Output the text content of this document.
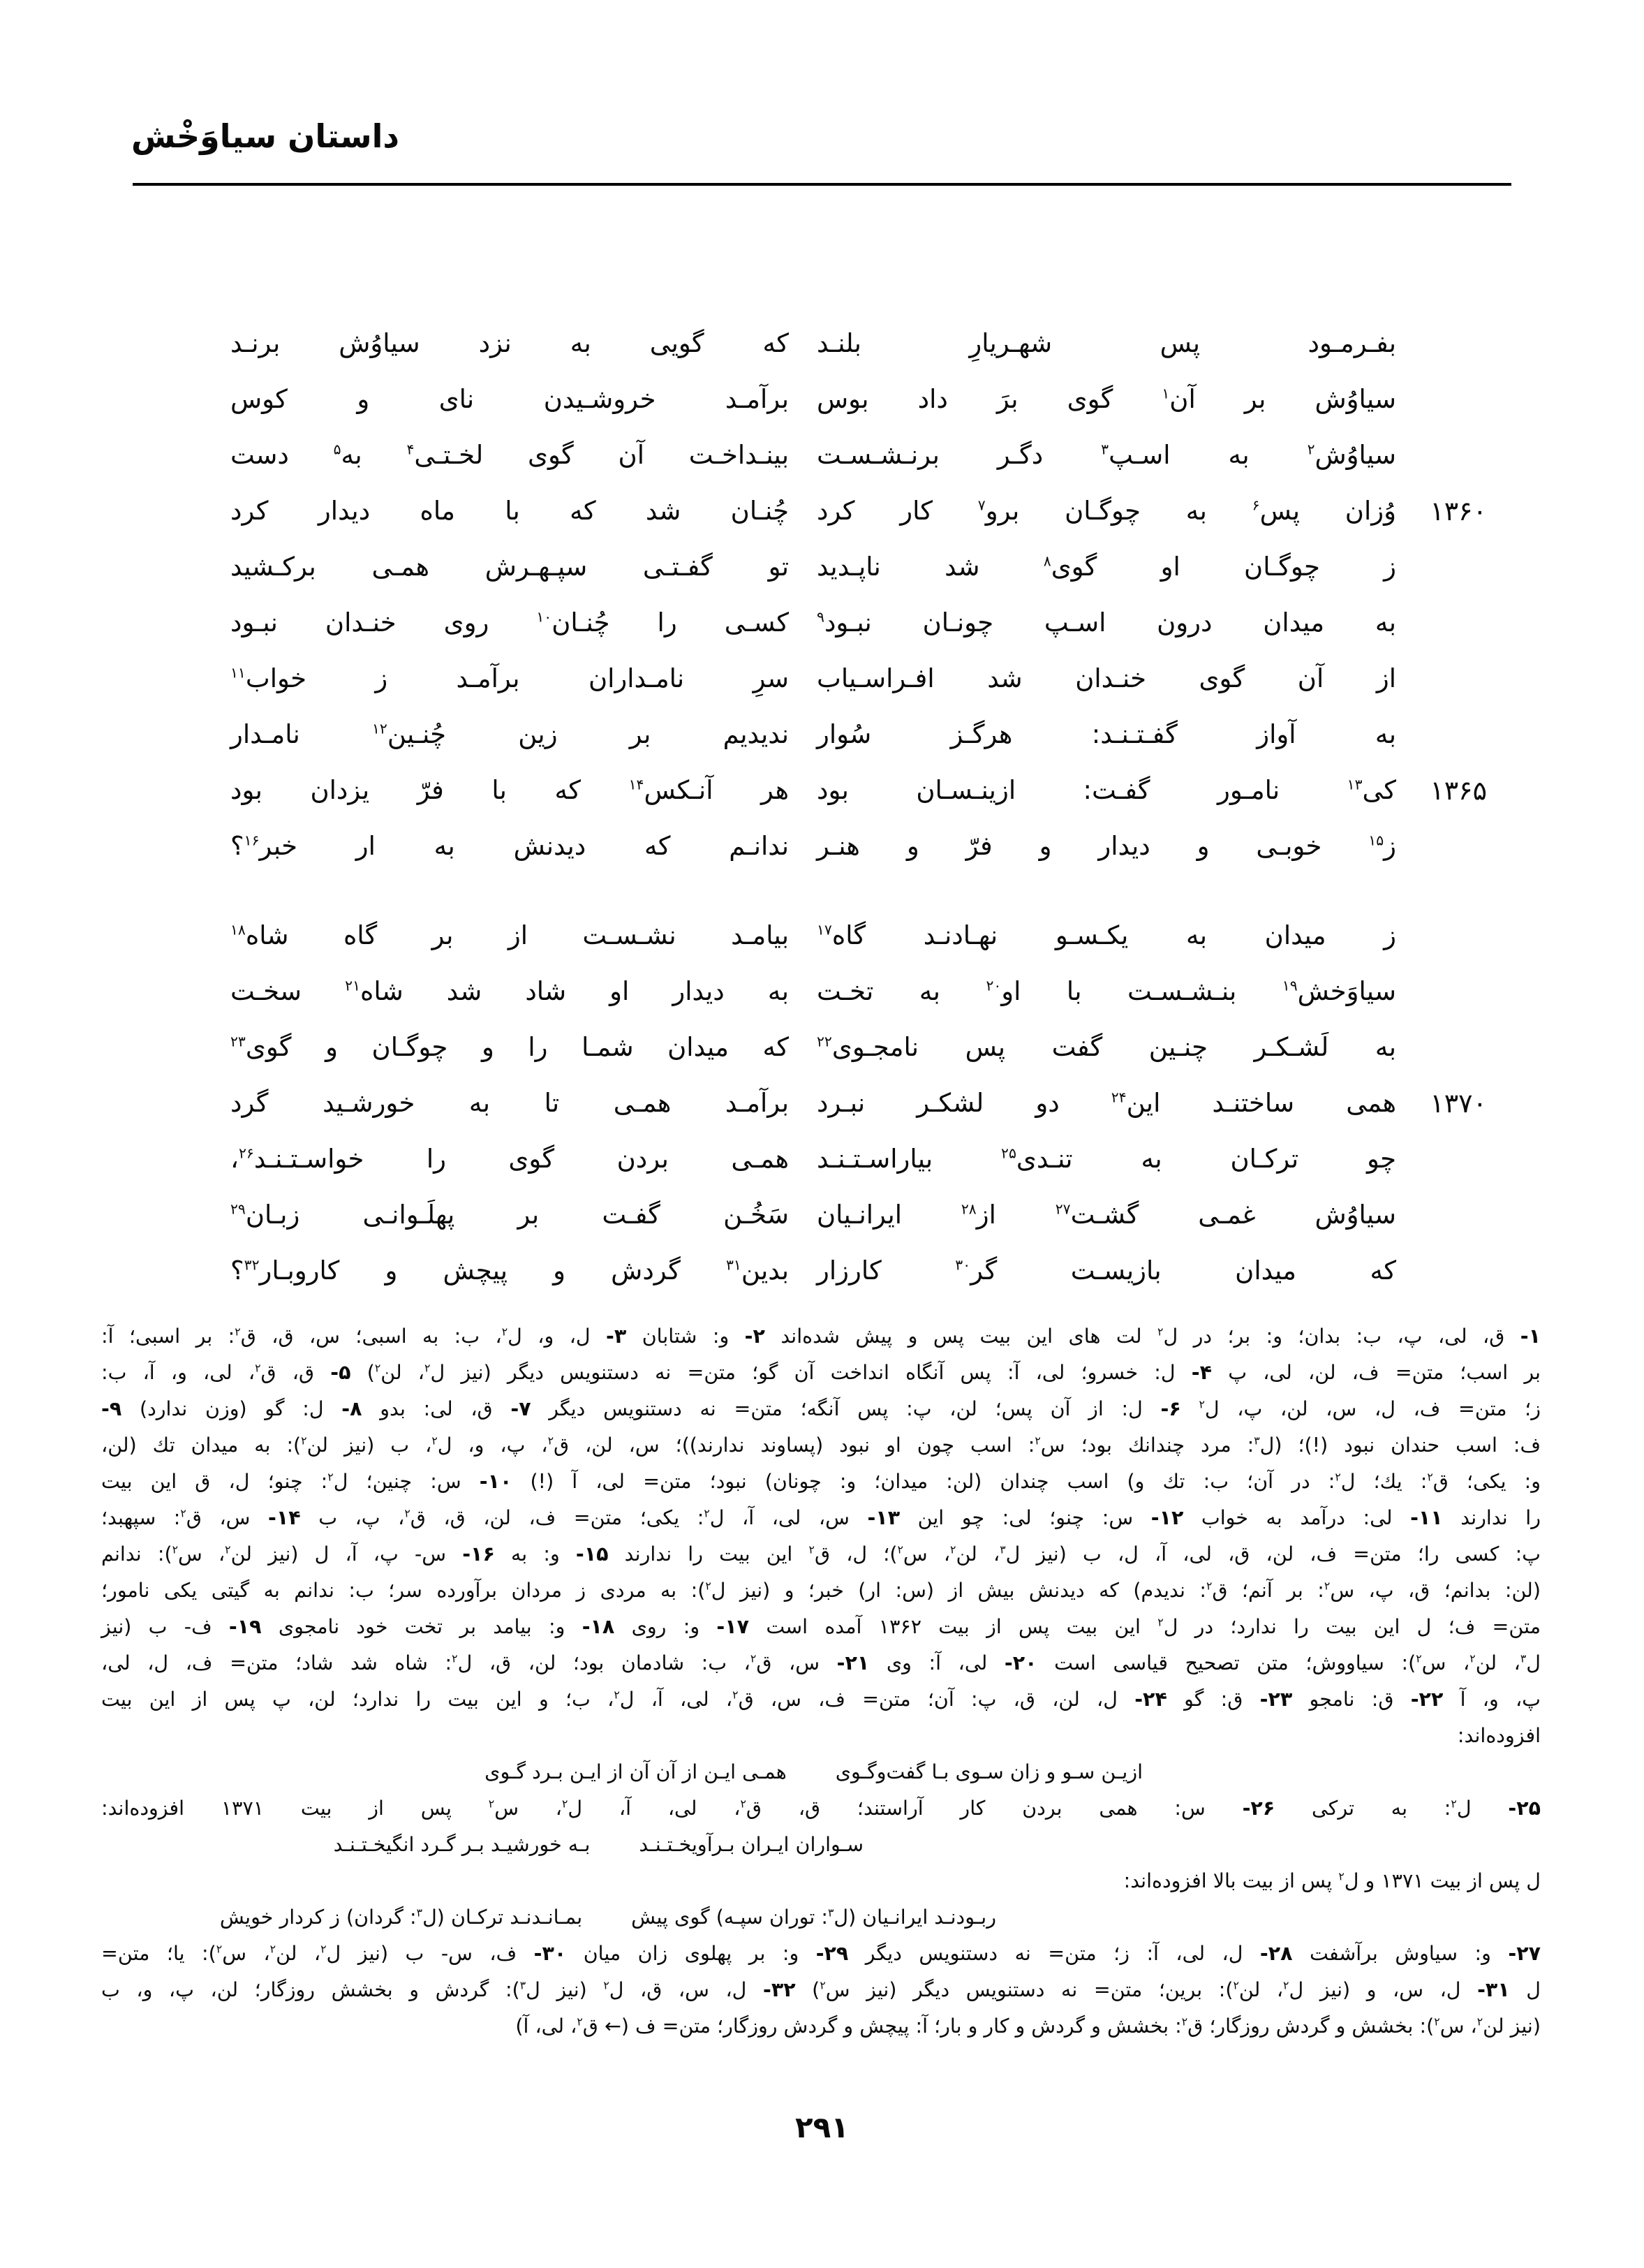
داستان سیاوَخْش
بفـرمـود پس شهـریارِ بلنـد
که گویی به نزد سیاوُش برنـد
سیاوُش بر آن$^۱$ گوی برَ داد بوس
برآمـد خروشـیدن نای و کوس
سیاوُش$^۲$ به اسـپ$^۳$ دگـر برنـشـسـت
بینـداخـت آن گوی لخـتـی$^۴$ به$^۵$ دست
۱۳۶۰
وُزان پس$^۶$ به چوگـان برو$^۷$ کار کرد
چُنـان شد که با ماه دیدار کرد
ز چوگـان او گوی$^۸$ شد ناپـدید
تو گفـتـی سپـهـرش همـی برکـشید
به میدان درون اسـپ چونـان نبـود$^۹$
کسـی را چُنـان$^{۱۰}$ روی خنـدان نبـود
از آن گوی خنـدان شد افـراسـیاب
سرِ نامـداران برآمـد ز خواب$^{۱۱}$
به آواز گفـتـنـد: هرگـز سُوار
ندیدیم بر زین چُنـین$^{۱۲}$ نامـدار
۱۳۶۵
کی$^{۱۳}$ نامـور گفـت: ازینـسـان بود
هر آنـکس$^{۱۴}$ که با فرّ یزدان بود
ز$^{۱۵}$ خوبـی و دیدار و فرّ و هنـر
ندانـم که دیدنش به ار خبر$^{۱۶}$؟
ز میدان به یکـسـو نهـادنـد گاه$^{۱۷}$
بیامـد نشـسـت از بر گاه شاه$^{۱۸}$
سیاوَخش$^{۱۹}$ بنـشـسـت با او$^{۲۰}$ به تخـت
به دیدار او شاد شد شاه$^{۲۱}$ سخـت
به لَشـکـر چنـین گفت پس نامجـوی$^{۲۲}$
که میدان شمـا را و چوگـان و گوی$^{۲۳}$
۱۳۷۰
همی ساختنـد این$^{۲۴}$ دو لشکـر نبـرد
برآمـد همـی تا به خورشـید گرد
چو ترکـان به تنـدی$^{۲۵}$ بیاراسـتـنـد
همـی بردن گوی را خواسـتـنـد$^{۲۶}$،
سیاوُش غمـی گشـت$^{۲۷}$ از$^{۲۸}$ ایرانـیان
سَخُـن گفـت بر پهلَـوانـی زبـان$^{۲۹}$
که میدان بازیسـت گر$^{۳۰}$ کارزار
بدین$^{۳۱}$ گردش و پیچش و کاروبـار$^{۳۲}$؟
۱- ق، لی، پ، ب: بدان؛ و: بر؛ در ل$^۲$ لت های این بیت پس و پیش شده‌اند ۲- و: شتابان ۳- ل، و، ل$^۲$، ب: به اسبی؛ س، ق، ق$^۲$: بر اسبی؛ آ:
بر اسب؛ متن= ف، لن، لی، پ ۴- ل: خسرو؛ لی، آ: پس آنگاه انداخت آن گو؛ متن= نه دستنویس دیگر (نیز ل$^۲$، لن$^۲$) ۵- ق، ق$^۲$، لی، و، آ، ب:
ز؛ متن= ف، ل، س، لن، پ، ل$^۲$ ۶- ل: از آن پس؛ لن، پ: پس آنگه؛ متن= نه دستنویس دیگر ۷- ق، لی: بدو ۸- ل: گو (وزن ندارد) ۹-
ف: اسب حندان نبود (!)؛ (ل$^۳$: مرد چندانك بود؛ س$^۲$: اسب چون او نبود (پساوند ندارند))؛ س، لن، ق$^۲$، پ، و، ل$^۲$، ب (نیز لن$^۲$): به میدان تك (لن،
و: یکی؛ ق$^۲$: یك؛ ل$^۲$: در آن؛ ب: تك و) اسب چندان (لن: میدان؛ و: چونان) نبود؛ متن= لی، آ (!) ۱۰- س: چنین؛ ل$^۲$: چنو؛ ل، ق این بیت
را ندارند ۱۱- لی: درآمد به خواب ۱۲- س: چنو؛ لی: چو این ۱۳- س، لی، آ، ل$^۲$: یکی؛ متن= ف، لن، ق، ق$^۲$، پ، ب ۱۴- س، ق$^۲$: سپهبد؛
پ: کسی را؛ متن= ف، لن، ق، لی، آ، ل، ب (نیز ل$^۳$، لن$^۲$، س$^۲$)؛ ل، ق$^۲$ این بیت را ندارند ۱۵- و: به ۱۶- س- پ، آ، ل (نیز لن$^۲$، س$^۲$): ندانم
(لن: بدانم؛ ق، پ، س$^۲$: بر آنم؛ ق$^۲$: ندیدم) که دیدنش بیش از (س: ار) خبر؛ و (نیز ل$^۲$): به مردی ز مردان برآورده سر؛ ب: ندانم به گیتی یکی نامور؛
متن= ف؛ ل این بیت را ندارد؛ در ل$^۲$ این بیت پس از بیت ۱۳۶۲ آمده است ۱۷- و: روی ۱۸- و: بیامد بر تخت خود نامجوی ۱۹- ف- ب (نیز
ل$^۳$، لن$^۲$، س$^۲$): سیاووش؛ متن تصحیح قیاسی است ۲۰- لی، آ: وی ۲۱- س، ق$^۲$، ب: شادمان بود؛ لن، ق، ل$^۲$: شاه شد شاد؛ متن= ف، ل، لی،
پ، و، آ ۲۲- ق: نامجو ۲۳- ق: گو ۲۴- ل، لن، ق، پ: آن؛ متن= ف، س، ق$^۲$، لی، آ، ل$^۲$، ب؛ و این بیت را ندارد؛ لن، پ پس از این بیت
افزوده‌اند:
ازیـن سـو و زان سـوی بـا گفت‌وگـوی
همـی ایـن از آن آن از ایـن بـرد گـوی
۲۵- ل$^۲$: به ترکی ۲۶- س: همی بردن کار آراستند؛ ق، ق$^۲$، لی، آ، ل$^۲$، س$^۲$ پس از بیت ۱۳۷۱ افزوده‌اند:
سـواران ایـران بـرآویخـتـنـد
بـه خورشیـد بـر گـرد انگیخـتـنـد
ل پس از بیت ۱۳۷۱ و ل$^۲$ پس از بیت بالا افزوده‌اند:
ربـودنـد ایرانـیان (ل$^۳$: توران سپـه) گوی پیش
بمـانـدنـد ترکـان (ل$^۳$: گردان) ز کردار خویش
۲۷- و: سیاوش برآشفت ۲۸- ل، لی، آ: ز؛ متن= نه دستنویس دیگر ۲۹- و: بر پهلوی زان میان ۳۰- ف، س- ب (نیز ل$^۲$، لن$^۲$، س$^۲$): یا؛ متن=
ل ۳۱- ل، س، و (نیز ل$^۲$، لن$^۲$): برین؛ متن= نه دستنویس دیگر (نیز س$^۲$) ۳۲- ل، س، ق، ل$^۲$ (نیز ل$^۳$): گردش و بخشش روزگار؛ لن، پ، و، ب
(نیز لن$^۲$، س$^۲$): بخشش و گردش روزگار؛ ق$^۲$: بخشش و گردش و کار و بار؛ آ: پیچش و گردش روزگار؛ متن= ف (← ق$^۲$، لی، آ)
۲۹۱
